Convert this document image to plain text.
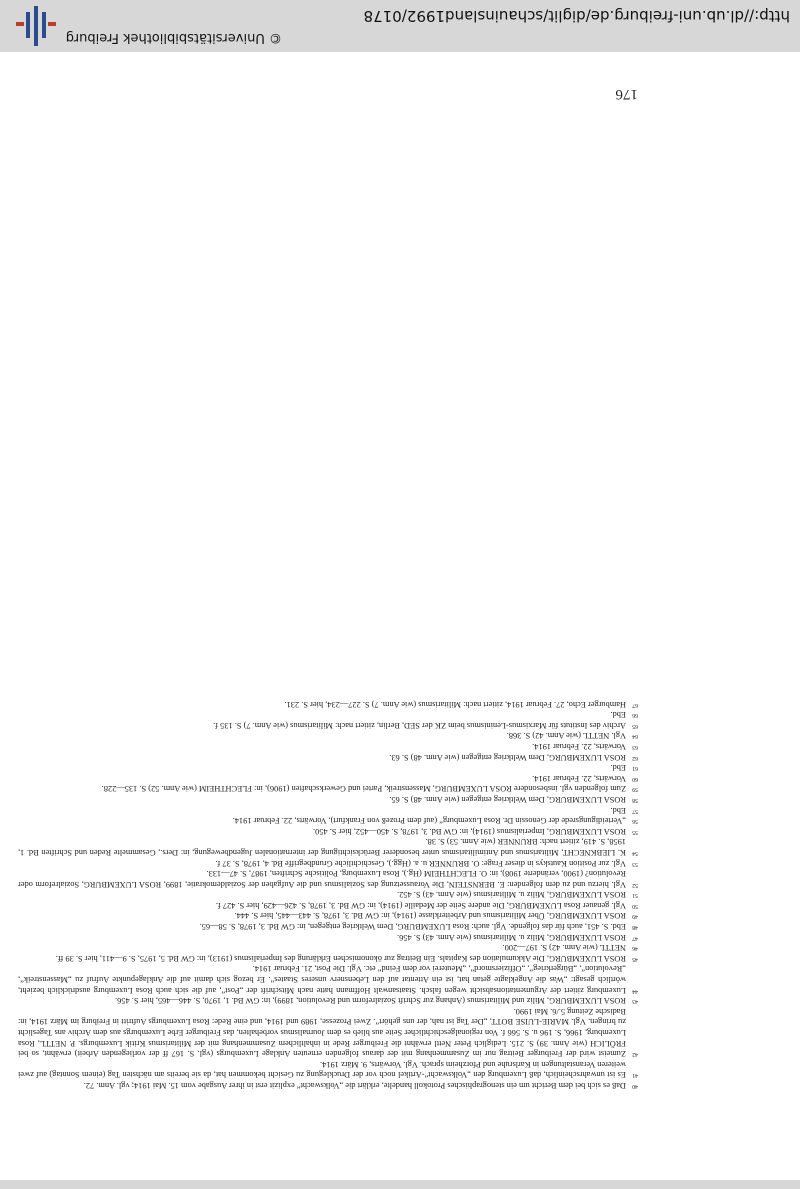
40
Daß es sich bei dem Bericht um ein stenographisches Protokoll handelte, erklärt die „Volkswacht“ explizit erst in ihrer Ausgabe vom 15. Mai 1914; vgl. Anm. 72.

41
Es ist unwahrscheinlich, daß Luxemburg den „Volkswacht“-Artikel noch vor der Drucklegung zu Gesicht bekommen hat, da sie bereits am nächsten Tag (einem Sonntag) auf zwei weiteren Veranstaltungen in Karlsruhe und Pforzheim sprach. Vgl. Vorwärts, 9. März 1914.

42
Zumeist wird der Freiburger Beitrag nur im Zusammenhang mit der daraus folgenden erneuten Anklage Luxemburgs (vgl. S. 167 ff der vorliegenden Arbeit) erwähnt, so bei FRÖLICH (wie Anm. 39) S. 215. Lediglich Peter Nettl erwähnt die Freiburger Rede in inhaltlichem Zusammenhang mit der Militarismus Kritik Luxemburgs. P. NETTL, Rosa Luxemburg, 1966, S. 196 u. S. 566 f. Von regionalgeschichtlicher Seite aus blieb es dem Journalismus vorbehalten, das Freiburger Erbe Luxemburgs aus dem Archiv ans Tageslicht zu bringen. Vgl. MARIE-LUISE BOTT, „Der Tag ist nah, der uns gehört“. Zwei Prozesse, 1989 und 1914, und eine Rede: Rosa Luxemburgs Auftritt in Freiburg im März 1914, in: Badische Zeitung 5./6. Mai 1990.

43
ROSA LUXEMBURG, Miliz und Militarismus (Anhang zur Schrift Sozialreform und Revolution, 1899), in: GW Bd. 1, 1970, S. 446—465, hier S. 456.

44
Luxemburg zitiert der Argumentationsabsicht wegen falsch. Staatsanwalt Hoffmann hatte nach Mitschrift der „Post“, auf die sich auch Rosa Luxemburg ausdrücklich bezieht, wörtlich gesagt: „Was die Angeklagte getan hat, ist ein Attentat auf den Lebensnerv unseres Staates“. Er bezog sich damit auf die Anklagepunkte Aufruf zu „Massenstreik“, „Revolution“, „Bürgerkrieg“, „Offiziersmord“, „Meuterei vor dem Feind“ etc. Vgl. Die Post, 21. Februar 1914.

45
ROSA LUXEMBURG, Die Akkumulation des Kapitals. Ein Beitrag zur ökonomischen Erklärung des Imperialismus (1913), in: GW Bd. 5, 1975, S. 9—411, hier S. 39 ff.

46
NETTL (wie Anm. 42) S. 197—200.

47
ROSA LUXEMBURG, Miliz u. Militarismus (wie Anm. 43) S. 456.

48
Ebd. S. 451, auch für das folgende. Vgl. auch: Rosa LUXEMBURG, Dem Weltkrieg entgegen, in: GW Bd. 3, 1978, S. 58—65.

49
ROSA LUXEMBURG, Über Militarismus und Arbeiterklasse (1914), in: GW Bd. 3, 1978, S. 443—445, hier S. 444.

50
Vgl. genauer Rosa LUXEMBURG, Die andere Seite der Medaille (1914), in: GW Bd. 3, 1978, S. 426—429, hier S. 427 f.

51
ROSA LUXEMBURG, Miliz u. Militarismus (wie Anm. 43) S. 452.

52
Vgl. hierzu und zu dem folgenden: E. BERNSTEIN, Die Voraussetzung des Sozialismus und die Aufgaben der Sozialdemokratie, 1899, ROSA LUXEMBURG, Sozialreform oder Revolution? (1900, veränderte 1908), in: O. FLECHTHEIM (Hg.), Rosa Luxemburg, Politische Schriften, 1987, S. 47—133.

53
Vgl. zur Position Kautskys in dieser Frage: O. BRUNNER u. a. (Hgg.), Geschichtliche Grundbegriffe Bd. 4, 1978, S. 37 f.

54
K. LIEBKNECHT, Militarismus und Antimilitarismus unter besonderer Berücksichtigung der internationalen Jugendbewegung, in: Ders., Gesammelte Reden und Schriften Bd. 1, 1958, S. 419, zitiert nach: BRUNNER (wie Anm. 53) S. 38.

55
ROSA LUXEMBURG, Imperialismus (1914), in: GW Bd. 3, 1978, S. 450—452, hier S. 450.

56
„Verteidigungsrede der Genossin Dr. Rosa Luxemburg“ (auf dem Prozeß von Frankfurt), Vorwärts, 22. Februar 1914.

57
Ebd.

58
ROSA LUXEMBURG, Dem Weltkrieg entgegen (wie Anm. 48) S. 65.

59
Zum folgenden vgl. insbesondere ROSA LUXEMBURG, Massenstreik, Partei und Gewerkschaften (1906), in: FLECHTHEIM (wie Anm. 52) S. 135—228.

60
Vorwärts, 22. Februar 1914.

61
Ebd.

62
ROSA LUXEMBURG, Dem Weltkrieg entgegen (wie Anm. 48) S. 63.

63
Vorwärts, 22. Februar 1914.

64
Vgl. NETTL (wie Anm. 42) S. 368.

65
Archiv des Instituts für Marxismus-Leninismus beim ZK der SED, Berlin, zitiert nach: Militarismus (wie Anm. 7) S. 135 f.

66
Ebd.

67
Hamburger Echo, 27. Februar 1914, zitiert nach: Militarismus (wie Anm. 7) S. 227—234, hier S. 231.

176
http://dl.ub.uni-freiburg.de/diglit/schauinsland1992/0178
© Universitätsbibliothek Freiburg
